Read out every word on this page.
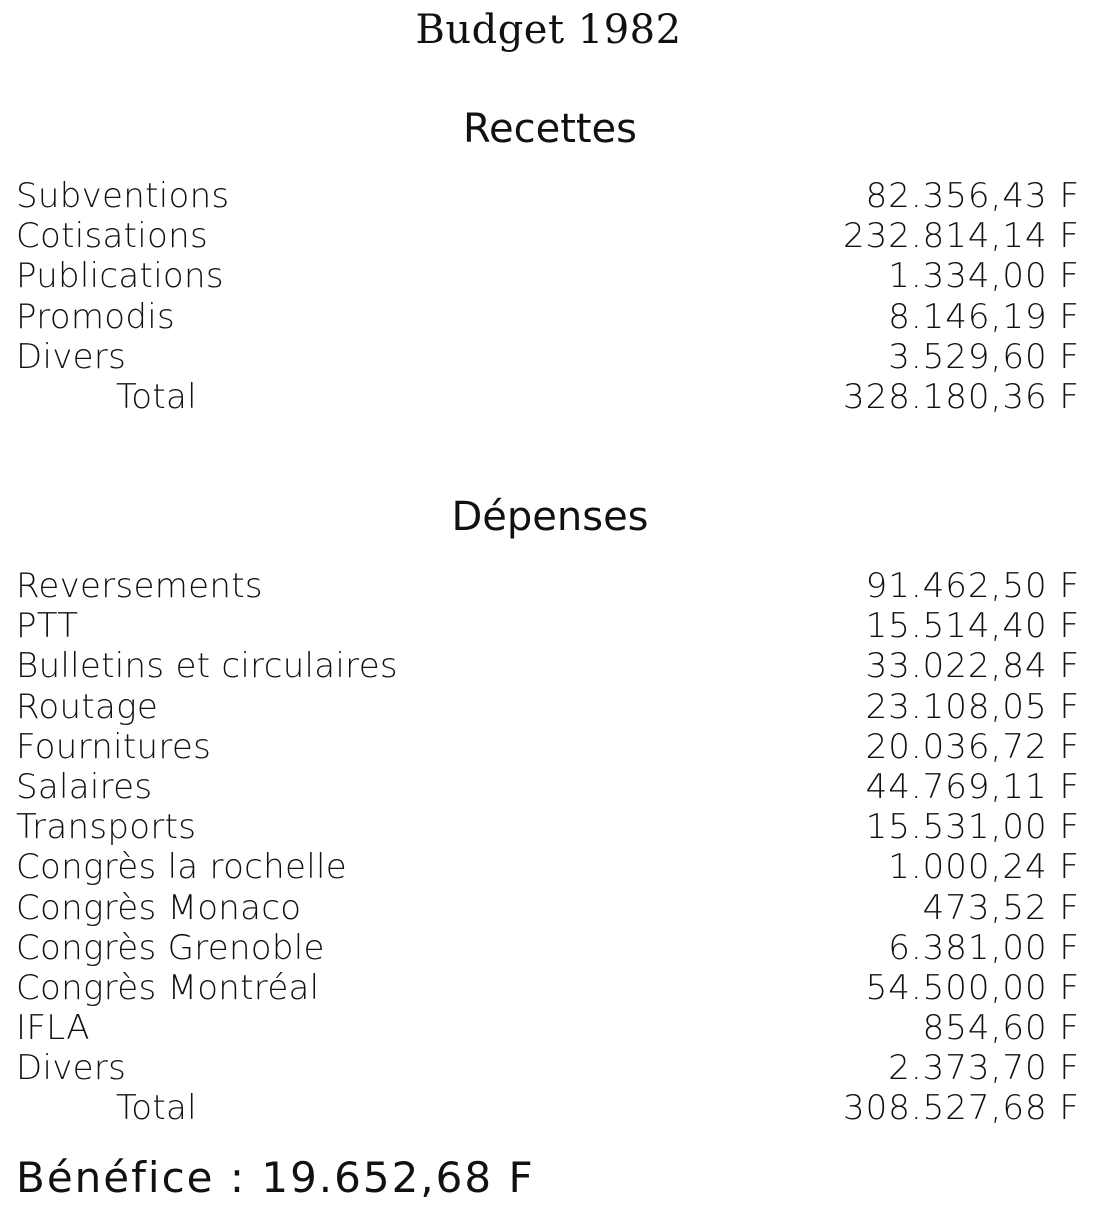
Budget 1982
Recettes
Subventions	82.356,43 F
Cotisations	232.814,14 F
Publications	1.334,00 F
Promodis	8.146,19 F
Divers	3.529,60 F
Total	328.180,36 F
Dépenses
Reversements	91.462,50 F
PTT	15.514,40 F
Bulletins et circulaires	33.022,84 F
Routage	23.108,05 F
Fournitures	20.036,72 F
Salaires	44.769,11 F
Transports	15.531,00 F
Congrès la rochelle	1.000,24 F
Congrès Monaco	473,52 F
Congrès Grenoble	6.381,00 F
Congrès Montréal	54.500,00 F
IFLA	854,60 F
Divers	2.373,70 F
Total	308.527,68 F
Bénéfice : 19.652,68 F
